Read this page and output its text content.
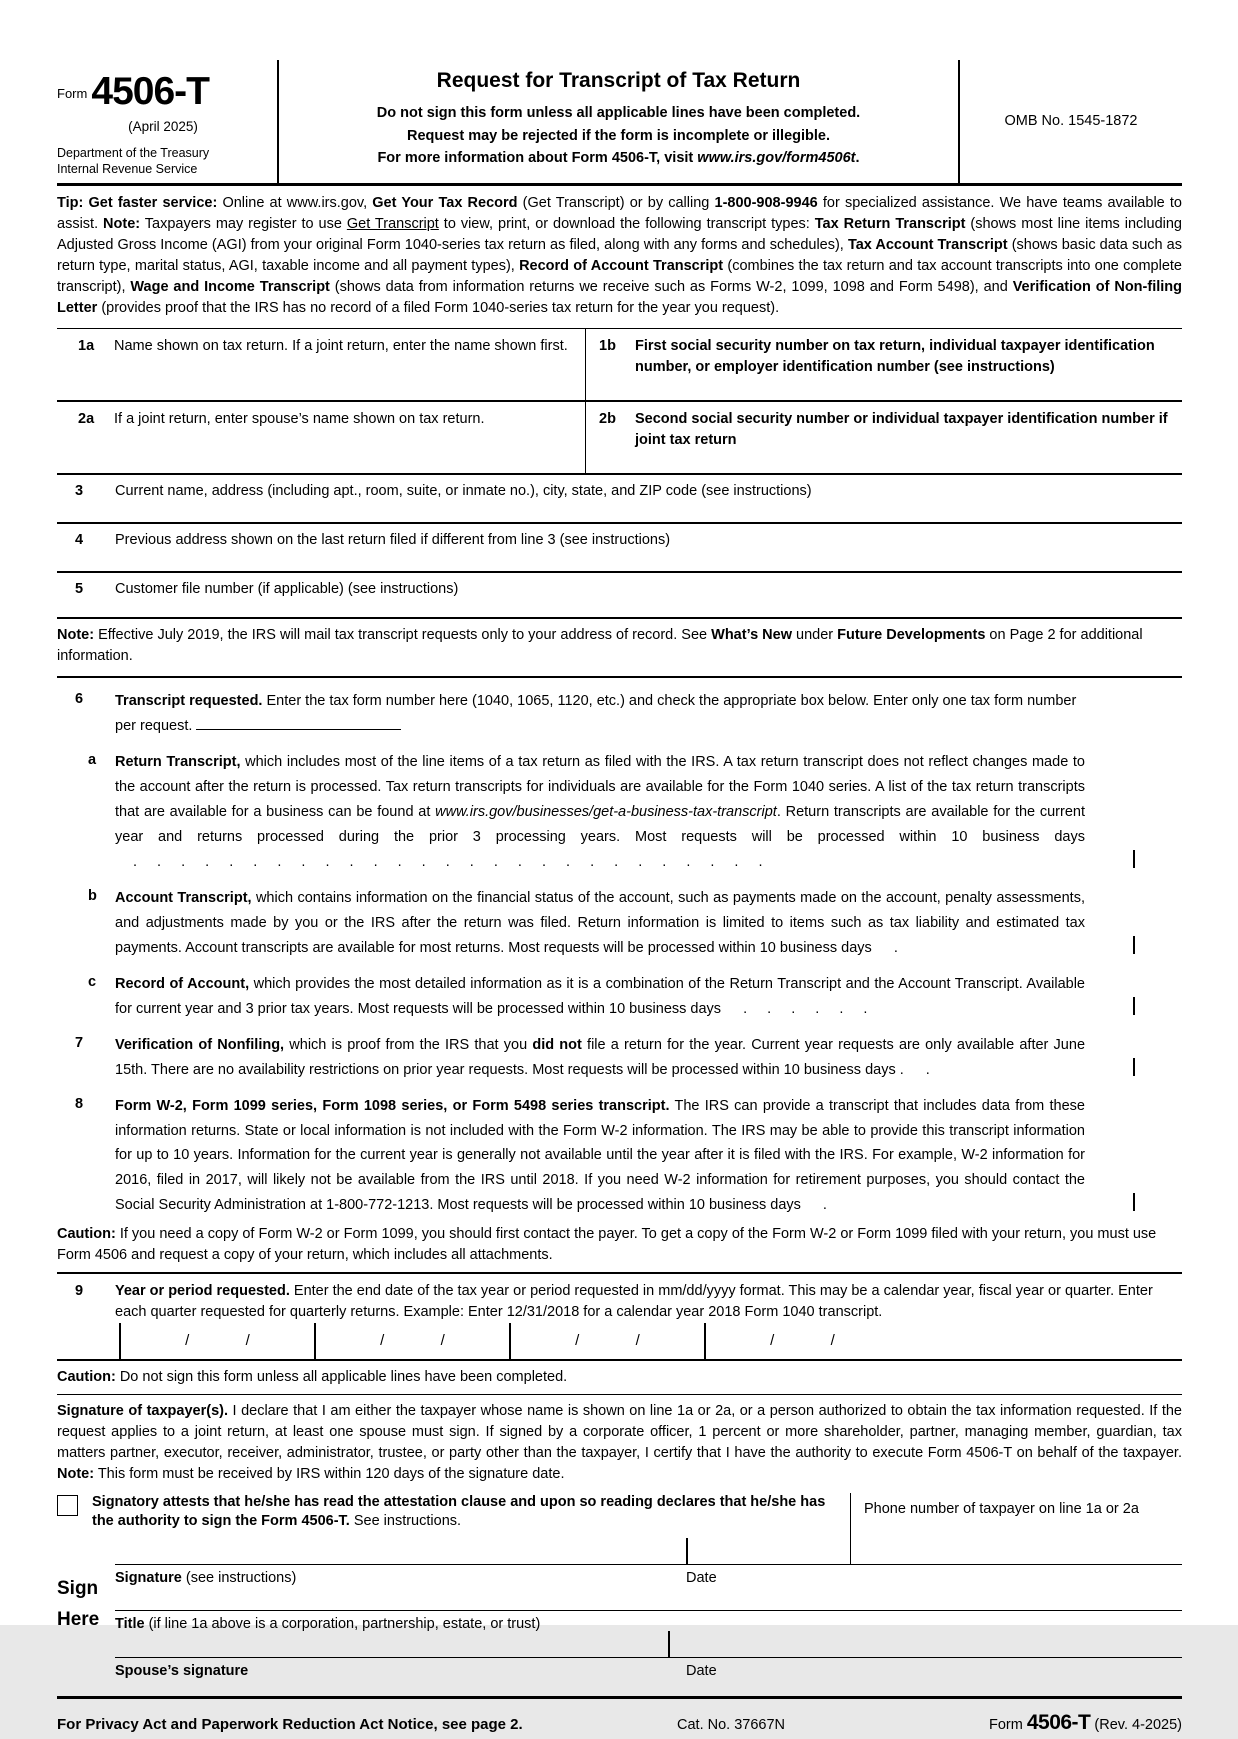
Form 4506-T
(April 2025)
Department of the Treasury
Internal Revenue Service
Request for Transcript of Tax Return
Do not sign this form unless all applicable lines have been completed.
Request may be rejected if the form is incomplete or illegible.
For more information about Form 4506-T, visit www.irs.gov/form4506t.
OMB No. 1545-1872
Tip: Get faster service: Online at www.irs.gov, Get Your Tax Record (Get Transcript) or by calling 1-800-908-9946 for specialized assistance. We have teams available to assist. Note: Taxpayers may register to use Get Transcript to view, print, or download the following transcript types: Tax Return Transcript (shows most line items including Adjusted Gross Income (AGI) from your original Form 1040-series tax return as filed, along with any forms and schedules), Tax Account Transcript (shows basic data such as return type, marital status, AGI, taxable income and all payment types), Record of Account Transcript (combines the tax return and tax account transcripts into one complete transcript), Wage and Income Transcript (shows data from information returns we receive such as Forms W-2, 1099, 1098 and Form 5498), and Verification of Non-filing Letter (provides proof that the IRS has no record of a filed Form 1040-series tax return for the year you request).
1a	Name shown on tax return. If a joint return, enter the name shown first. 1b	First social security number on tax return, individual taxpayer identification number, or employer identification number (see instructions)
2a	If a joint return, enter spouse’s name shown on tax return.	2b	Second social security number or individual taxpayer identification number if joint tax return
3	Current name, address (including apt., room, suite, or inmate no.), city, state, and ZIP code (see instructions)
4	Previous address shown on the last return filed if different from line 3 (see instructions)
5	Customer file number (if applicable) (see instructions)
Note: Effective July 2019, the IRS will mail tax transcript requests only to your address of record. See What’s New under Future Developments on Page 2 for additional information.
6	Transcript requested. Enter the tax form number here (1040, 1065, 1120, etc.) and check the appropriate box below. Enter only one tax form number per request.
a	Return Transcript, which includes most of the line items of a tax return as filed with the IRS. A tax return transcript does not reflect changes made to the account after the return is processed. Tax return transcripts for individuals are available for the Form 1040 series. A list of the tax return transcripts that are available for a business can be found at www.irs.gov/businesses/get-a-business-tax-transcript. Return transcripts are available for the current year and returns processed during the prior 3 processing years. Most requests will be processed within 10 business days . . . . . . . . . . . . . . . . . . . . . . . . . . .
b	Account Transcript, which contains information on the financial status of the account, such as payments made on the account, penalty assessments, and adjustments made by you or the IRS after the return was filed. Return information is limited to items such as tax liability and estimated tax payments. Account transcripts are available for most returns. Most requests will be processed within 10 business days .
c	Record of Account, which provides the most detailed information as it is a combination of the Return Transcript and the Account Transcript. Available for current year and 3 prior tax years. Most requests will be processed within 10 business days . . . . . .
7	Verification of Nonfiling, which is proof from the IRS that you did not file a return for the year. Current year requests are only available after June 15th. There are no availability restrictions on prior year requests. Most requests will be processed within 10 business days . .
8	Form W-2, Form 1099 series, Form 1098 series, or Form 5498 series transcript. The IRS can provide a transcript that includes data from these information returns. State or local information is not included with the Form W-2 information. The IRS may be able to provide this transcript information for up to 10 years. Information for the current year is generally not available until the year after it is filed with the IRS. For example, W-2 information for 2016, filed in 2017, will likely not be available from the IRS until 2018. If you need W-2 information for retirement purposes, you should contact the Social Security Administration at 1-800-772-1213. Most requests will be processed within 10 business days .
Caution: If you need a copy of Form W-2 or Form 1099, you should first contact the payer. To get a copy of the Form W-2 or Form 1099 filed with your return, you must use Form 4506 and request a copy of your return, which includes all attachments.
9	Year or period requested. Enter the end date of the tax year or period requested in mm/dd/yyyy format. This may be a calendar year, fiscal year or quarter. Enter each quarter requested for quarterly returns. Example: Enter 12/31/2018 for a calendar year 2018 Form 1040 transcript.
/	/	/	/	/	/	/	/
Caution: Do not sign this form unless all applicable lines have been completed.
Signature of taxpayer(s). I declare that I am either the taxpayer whose name is shown on line 1a or 2a, or a person authorized to obtain the tax information requested. If the request applies to a joint return, at least one spouse must sign. If signed by a corporate officer, 1 percent or more shareholder, partner, managing member, guardian, tax matters partner, executor, receiver, administrator, trustee, or party other than the taxpayer, I certify that I have the authority to execute Form 4506-T on behalf of the taxpayer. Note: This form must be received by IRS within 120 days of the signature date.
Signatory attests that he/she has read the attestation clause and upon so reading declares that he/she has the authority to sign the Form 4506-T. See instructions.
Phone number of taxpayer on line 1a or 2a
Sign
Here
Signature (see instructions)	Date
Title (if line 1a above is a corporation, partnership, estate, or trust)
Spouse’s signature	Date
For Privacy Act and Paperwork Reduction Act Notice, see page 2.	Cat. No. 37667N	Form 4506-T (Rev. 4-2025)
